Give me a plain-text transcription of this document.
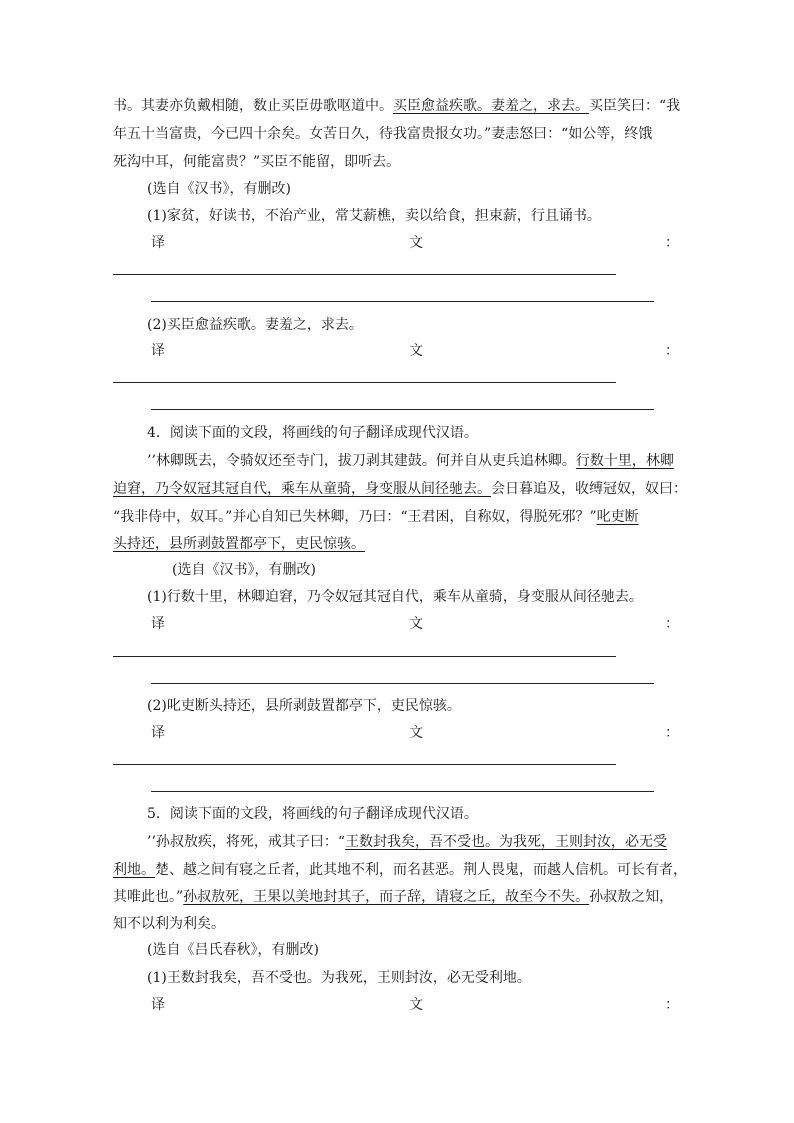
书。其妻亦负戴相随，数止买臣毋歌呕道中。买臣愈益疾歌。妻羞之，求去。买臣笑曰：“我
年五十当富贵，今已四十余矣。女苦日久，待我富贵报女功。”妻恚怒曰：“如公等，终饿
死沟中耳，何能富贵？”买臣不能留，即听去。
(选自《汉书》，有删改)
(1)家贫，好读书，不治产业，常艾薪樵，卖以给食，担束薪，行且诵书。
译	文	：
(2)买臣愈益疾歌。妻羞之，求去。
译	文	：
4．阅读下面的文段，将画线的句子翻译成现代汉语。
’’林卿既去，令骑奴还至寺门，拔刀剥其建鼓。何并自从吏兵追林卿。行数十里，林卿
迫窘，乃令奴冠其冠自代，乘车从童骑，身变服从间径驰去。会日暮追及，收缚冠奴，奴曰：
“我非侍中，奴耳。”并心自知已失林卿，乃曰：“王君困，自称奴，得脱死邪？”叱吏断
头持还，县所剥鼓置都亭下，吏民惊骇。
(选自《汉书》，有删改)
(1)行数十里，林卿迫窘，乃令奴冠其冠自代，乘车从童骑，身变服从间径驰去。
译	文	：
(2)叱吏断头持还，县所剥鼓置都亭下，吏民惊骇。
译	文	：
5．阅读下面的文段，将画线的句子翻译成现代汉语。
’’孙叔敖疾，将死，戒其子曰：“王数封我矣，吾不受也。为我死，王则封汝，必无受
利地。楚、越之间有寝之丘者，此其地不利，而名甚恶。荆人畏鬼，而越人信机。可长有者，
其唯此也。”孙叔敖死，王果以美地封其子，而子辞，请寝之丘，故至今不失。孙叔敖之知，
知不以利为利矣。
(选自《吕氏春秋》，有删改)
(1)王数封我矣，吾不受也。为我死，王则封汝，必无受利地。
译	文	：
